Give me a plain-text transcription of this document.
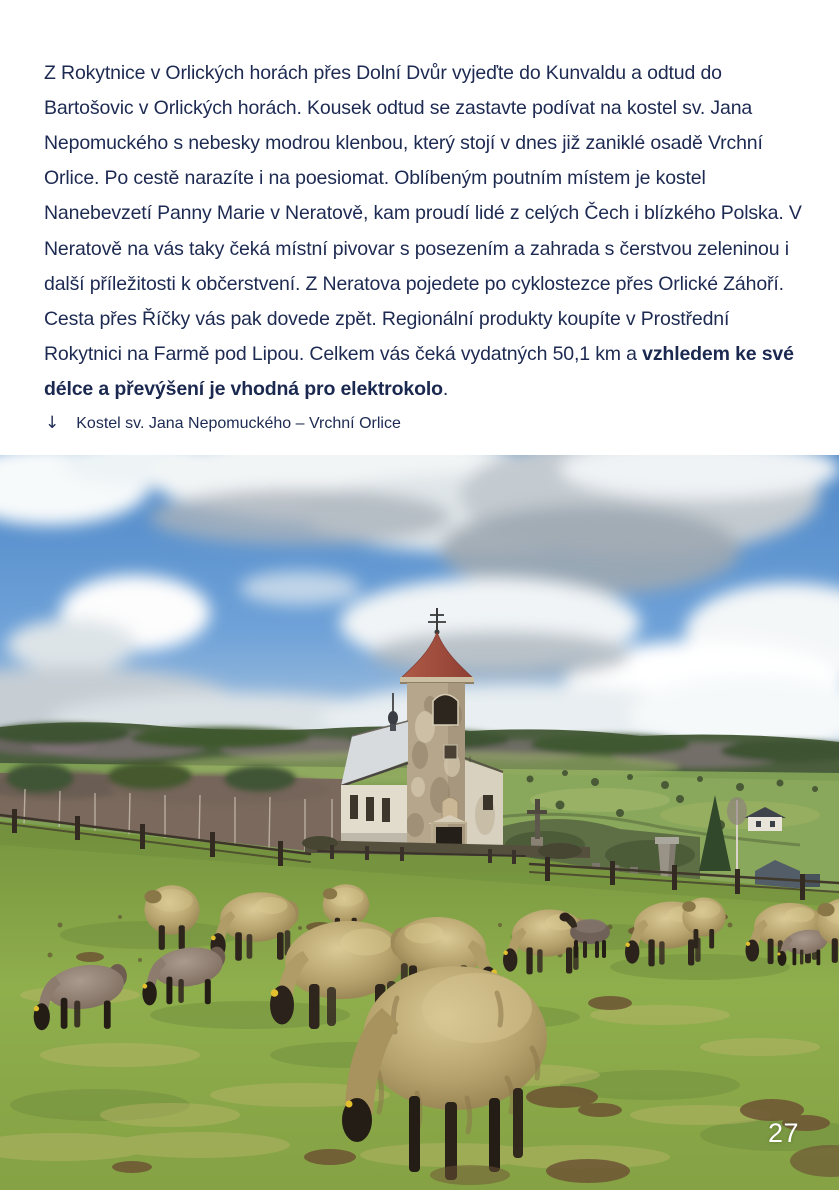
Z Rokytnice v Orlických horách přes Dolní Dvůr vyjeďte do Kunvaldu a odtud do Bartošovic v Orlických horách. Kousek odtud se zastavte podívat na kostel sv. Jana Nepomuckého s nebesky modrou klenbou, který stojí v dnes již zaniklé osadě Vrchní Orlice. Po cestě narazíte i na poesiomat. Oblíbeným poutním místem je kostel Nanebevzetí Panny Marie v Neratově, kam proudí lidé z celých Čech i blízkého Polska. V Neratově na vás taky čeká místní pivovar s posezením a zahrada s čerstvou zeleninou i další příležitosti k občerstvení. Z Neratova pojedete po cyklostezce přes Orlické Záhoří. Cesta přes Říčky vás pak dovede zpět. Regionální produkty koupíte v Prostřední Rokytnici na Farmě pod Lipou. Celkem vás čeká vydatných 50,1 km a vzhledem ke své délce a převýšení je vhodná pro elektrokolo.

↓ Kostel sv. Jana Nepomuckého – Vrchní Orlice
27
